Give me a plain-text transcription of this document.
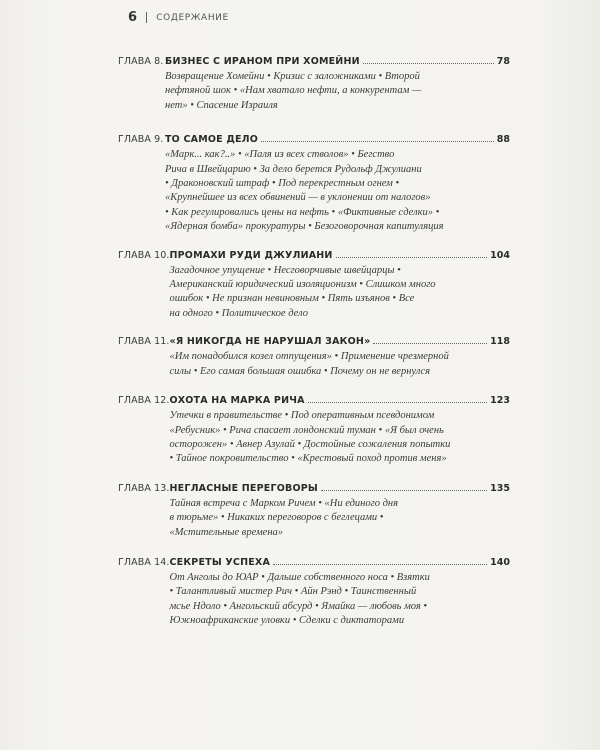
6 СОДЕРЖАНИЕ
ГЛАВА 8. БИЗНЕС С ИРАНОМ ПРИ ХОМЕЙНИ	78
Возвращение Хомейни • Кризис с заложниками • Второй
нефтяной шок • «Нам хватало нефти, а конкурентам —
нет» • Спасение Израиля
ГЛАВА 9. ТО САМОЕ ДЕЛО	88
«Марк... как?..» • «Паля из всех стволов» • Бегство
Рича в Швейцарию • За дело берется Рудольф Джулиани
• Драконовский штраф • Под перекрестным огнем •
«Крупнейшее из всех обвинений — в уклонении от налогов»
• Как регулировались цены на нефть • «Фиктивные сделки» •
«Ядерная бомба» прокуратуры • Безоговорочная капитуляция
ГЛАВА 10. ПРОМАХИ РУДИ ДЖУЛИАНИ	104
Загадочное упущение • Несговорчивые швейцарцы •
Американский юридический изоляционизм • Слишком много
ошибок • Не признан невиновным • Пять изъянов • Все
на одного • Политическое дело
ГЛАВА 11. «Я НИКОГДА НЕ НАРУШАЛ ЗАКОН»	118
«Им понадобился козел отпущения» • Применение чрезмерной
силы • Его самая большая ошибка • Почему он не вернулся
ГЛАВА 12. ОХОТА НА МАРКА РИЧА	123
Утечки в правительстве • Под оперативным псевдонимом
«Ребусник» • Рича спасает лондонский туман • «Я был очень
осторожен» • Авнер Азулай • Достойные сожаления попытки
• Тайное покровительство • «Крестовый поход против меня»
ГЛАВА 13. НЕГЛАСНЫЕ ПЕРЕГОВОРЫ	135
Тайная встреча с Марком Ричем • «Ни единого дня
в тюрьме» • Никаких переговоров с беглецами •
«Мстительные времена»
ГЛАВА 14. СЕКРЕТЫ УСПЕХА	140
От Анголы до ЮАР • Дальше собственного носа • Взятки
• Талантливый мистер Рич • Айн Рэнд • Таинственный
мсье Ндоло • Ангольский абсурд • Ямайка — любовь моя •
Южноафриканские уловки • Сделки с диктаторами
